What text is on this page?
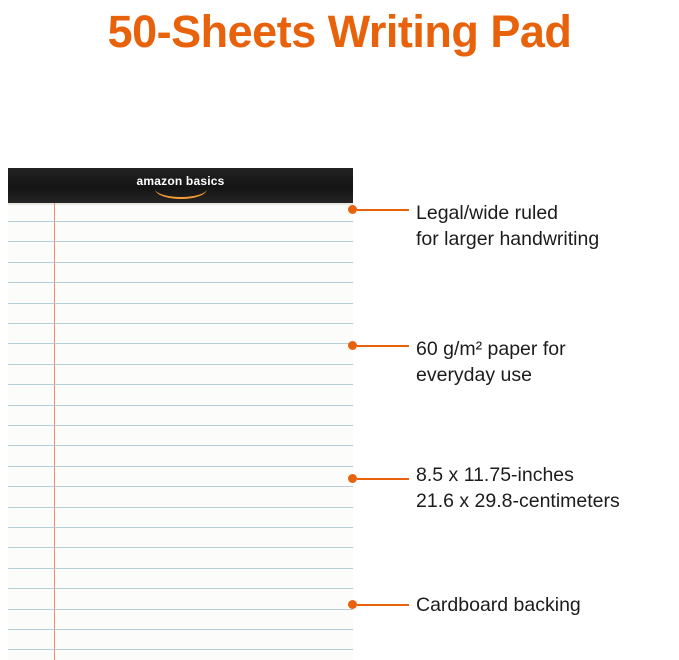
50-Sheets Writing Pad
amazon basics
Legal/wide ruled
for larger handwriting
60 g/m² paper for
everyday use
8.5 x 11.75-inches
21.6 x 29.8-centimeters
Cardboard backing
